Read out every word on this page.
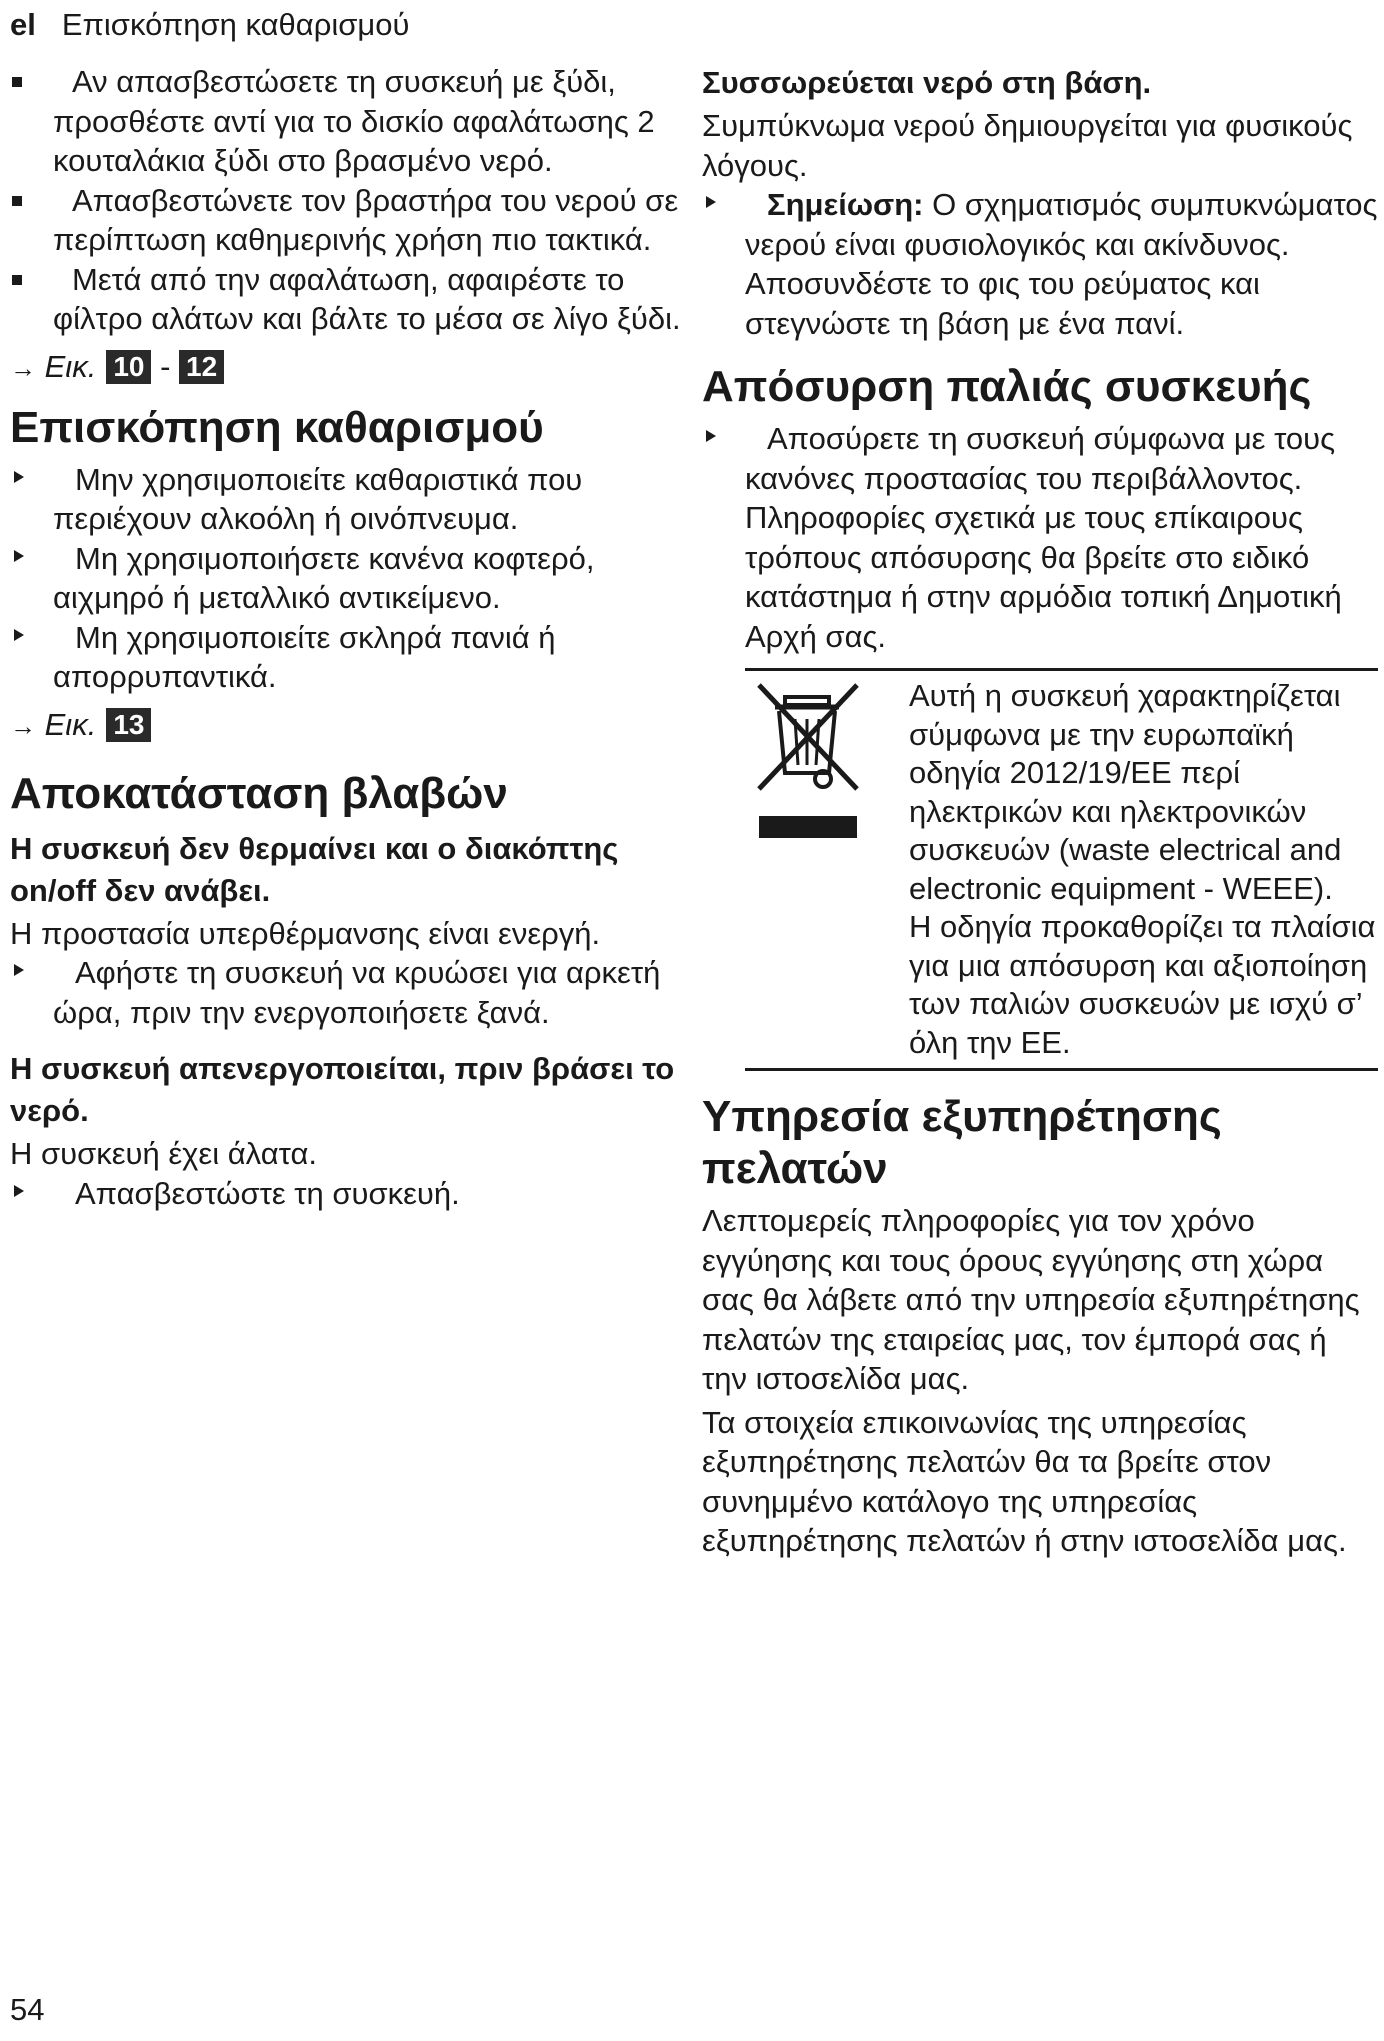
el Επισκόπηση καθαρισμού
Αν απασβεστώσετε τη συσκευή με ξύδι, προσθέστε αντί για το δισκίο αφαλάτωσης 2 κουταλάκια ξύδι στο βρασμένο νερό.
Απασβεστώνετε τον βραστήρα του νερού σε περίπτωση καθημερινής χρήση πιο τακτικά.
Μετά από την αφαλάτωση, αφαιρέστε το φίλτρο αλάτων και βάλτε το μέσα σε λίγο ξύδι.
→ Εικ. 10 - 12
Επισκόπηση καθαρισμού
Μην χρησιμοποιείτε καθαριστικά που περιέχουν αλκοόλη ή οινόπνευμα.
Μη χρησιμοποιήσετε κανένα κοφτερό, αιχμηρό ή μεταλλικό αντικείμενο.
Μη χρησιμοποιείτε σκληρά πανιά ή απορρυπαντικά.
→ Εικ. 13
Αποκατάσταση βλαβών
Η συσκευή δεν θερμαίνει και ο διακόπτης on/off δεν ανάβει.

Η προστασία υπερθέρμανσης είναι ενεργή.

Αφήστε τη συσκευή να κρυώσει για αρκετή ώρα, πριν την ενεργοποιήσετε ξανά.
Η συσκευή απενεργοποιείται, πριν βράσει το νερό.

Η συσκευή έχει άλατα.

Απασβεστώστε τη συσκευή.
Συσσωρεύεται νερό στη βάση.

Συμπύκνωμα νερού δημιουργείται για φυσικούς λόγους.

Σημείωση: Ο σχηματισμός συμπυκνώματος νερού είναι φυσιολογικός και ακίνδυνος.

Αποσυνδέστε το φις του ρεύματος και στεγνώστε τη βάση με ένα πανί.

Απόσυρση παλιάς συσκευής
Αποσύρετε τη συσκευή σύμφωνα με τους κανόνες προστασίας του περιβάλλοντος.

Πληροφορίες σχετικά με τους επίκαιρους τρόπους απόσυρσης θα βρείτε στο ειδικό κατάστημα ή στην αρμόδια τοπική Δημοτική Αρχή σας.

Αυτή η συσκευή χαρακτηρίζεται σύμφωνα με την ευρωπαϊκή οδηγία 2012/19/ΕΕ περί ηλεκτρικών και ηλεκτρονικών συσκευών (waste electrical and electronic equipment - WEEE).
Η οδηγία προκαθορίζει τα πλαίσια για μια απόσυρση και αξιοποίηση των παλιών συσκευών με ισχύ σ’ όλη την ΕΕ.
Υπηρεσία εξυπηρέτησης πελατών

Λεπτομερείς πληροφορίες για τον χρόνο εγγύησης και τους όρους εγγύησης στη χώρα σας θα λάβετε από την υπηρεσία εξυπηρέτησης πελατών της εταιρείας μας, τον έμπορά σας ή την ιστοσελίδα μας.

Τα στοιχεία επικοινωνίας της υπηρεσίας εξυπηρέτησης πελατών θα τα βρείτε στον συνημμένο κατάλογο της υπηρεσίας εξυπηρέτησης πελατών ή στην ιστοσελίδα μας.

54
